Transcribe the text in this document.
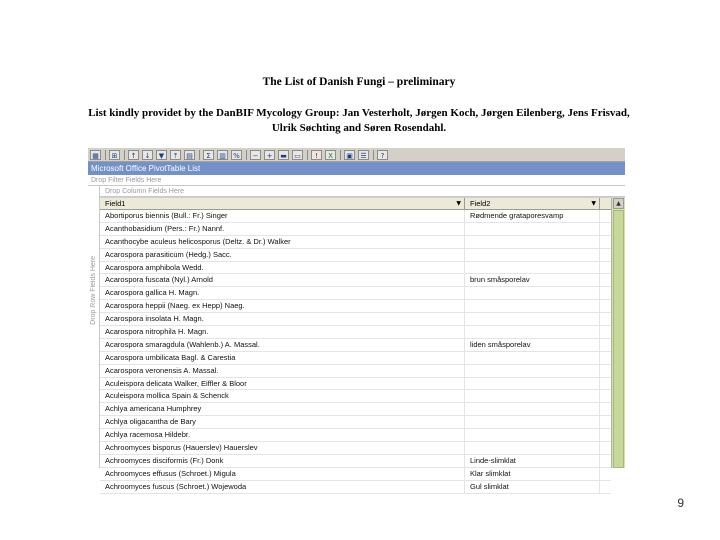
The List of Danish Fungi – preliminary
List kindly providet by the DanBIF Mycology Group: Jan Vesterholt, Jørgen Koch, Jørgen Eilenberg, Jens Frisvad,
Ulrik Søchting and Søren Rosendahl.
▦	⊞	↑	↓	▼	⤒	▤	Σ	▥	%	−	+	▬	▭	!	X	▣	☰	?
Microsoft Office PivotTable List
Drop Filter Fields Here
Drop Column Fields Here
Drop Row Fields Here
Field1	▼	Field2	▼
Abortiporus biennis (Bull.: Fr.) Singer	Rødmende grataporesvamp
Acanthobasidium (Pers.: Fr.) Nannf.
Acanthocybe aculeus helicosporus (Deltz. & Dr.) Walker
Acarospora parasiticum (Hedg.) Sacc.
Acarospora amphibola Wedd.
Acarospora fuscata (Nyl.) Arnold	brun småsporelav
Acarospora gallica H. Magn.
Acarospora heppii (Naeg. ex Hepp) Naeg.
Acarospora insolata H. Magn.
Acarospora nitrophila H. Magn.
Acarospora smaragdula (Wahlenb.) A. Massal.	liden småsporelav
Acarospora umbilicata Bagl. & Carestia
Acarospora veronensis A. Massal.
Aculeispora delicata Walker, Eiffler & Bloor
Aculeispora mollica Spain & Schenck
Achlya americana Humphrey
Achlya oligacantha de Bary
Achlya racemosa Hildebr.
Achroomyces bisporus (Hauerslev) Hauerslev
Achroomyces disciformis (Fr.) Donk	Linde-slimklat
Achroomyces effusus (Schroet.) Migula	Klar slimklat
Achroomyces fuscus (Schroet.) Wojewoda	Gul slimklat
▲
9
